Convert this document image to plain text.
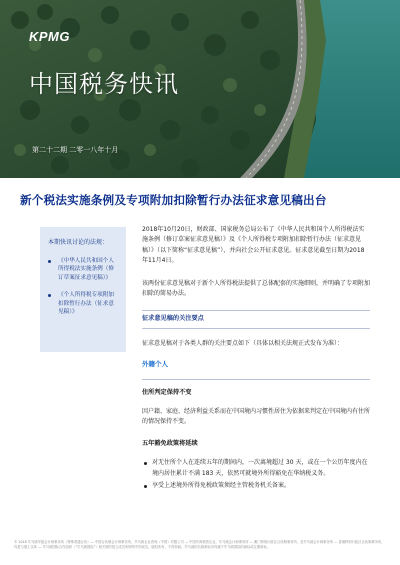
KPMG
中国税务快讯
第二十二期 二零一八年十月
新个税法实施条例及专项附加扣除暂行办法征求意见稿出台
本期快讯讨论的法规：
《中华人民共和国个人所得税法实施条例（修订草案征求意见稿）》
《个人所得税专项附加扣除暂行办法（征求意见稿）》

2018年10月20日，财政部、国家税务总局公布了《中华人民共和国个人所得税法实施条例（修订草案征求意见稿）》及《个人所得税专项附加扣除暂行办法（征求意见稿）》（以下简称“征求意见稿”），并向社会公开征求意见。征求意见截至日期为2018年11月4日。

该两份征求意见稿对于新个人所得税法提供了总体配套的实施细则，并明确了专项附加扣除的简易办法。

征求意见稿的关注要点

征求意见稿对于各类人群的关注要点如下（具体以相关法规正式发布为准）：

外籍个人
住所判定保持不变

因户籍、家庭、经济利益关系而在中国境内习惯性居住为依据来判定在中国境内有住所的情况保持不变。

五年豁免政策将延续
对无住所个人在连续五年的期间内，一次离境超过 30 天，或在一个公历年度内在境内居住累计不满 183 天，依然可就境外所得豁免在华纳税义务。
享受上述境外所得免税政策须经主管税务机关备案。
© 2018 毕马威华振会计师事务所（特殊普通合伙）— 中国合伙制会计师事务所，毕马威企业咨询（中国）有限公司 — 中国外商独资企业，毕马威会计师事务所 — 澳门特别行政区合伙制事务所，及毕马威会计师事务所 — 香港特别行政区合伙制事务所，均是与瑞士实体 — 毕马威国际合作组织（“毕马威国际”）相关联的独立成员所网络中的成员。版权所有，不得转载。毕马威的名称和标识均属于毕马威国际的商标或注册商标。
